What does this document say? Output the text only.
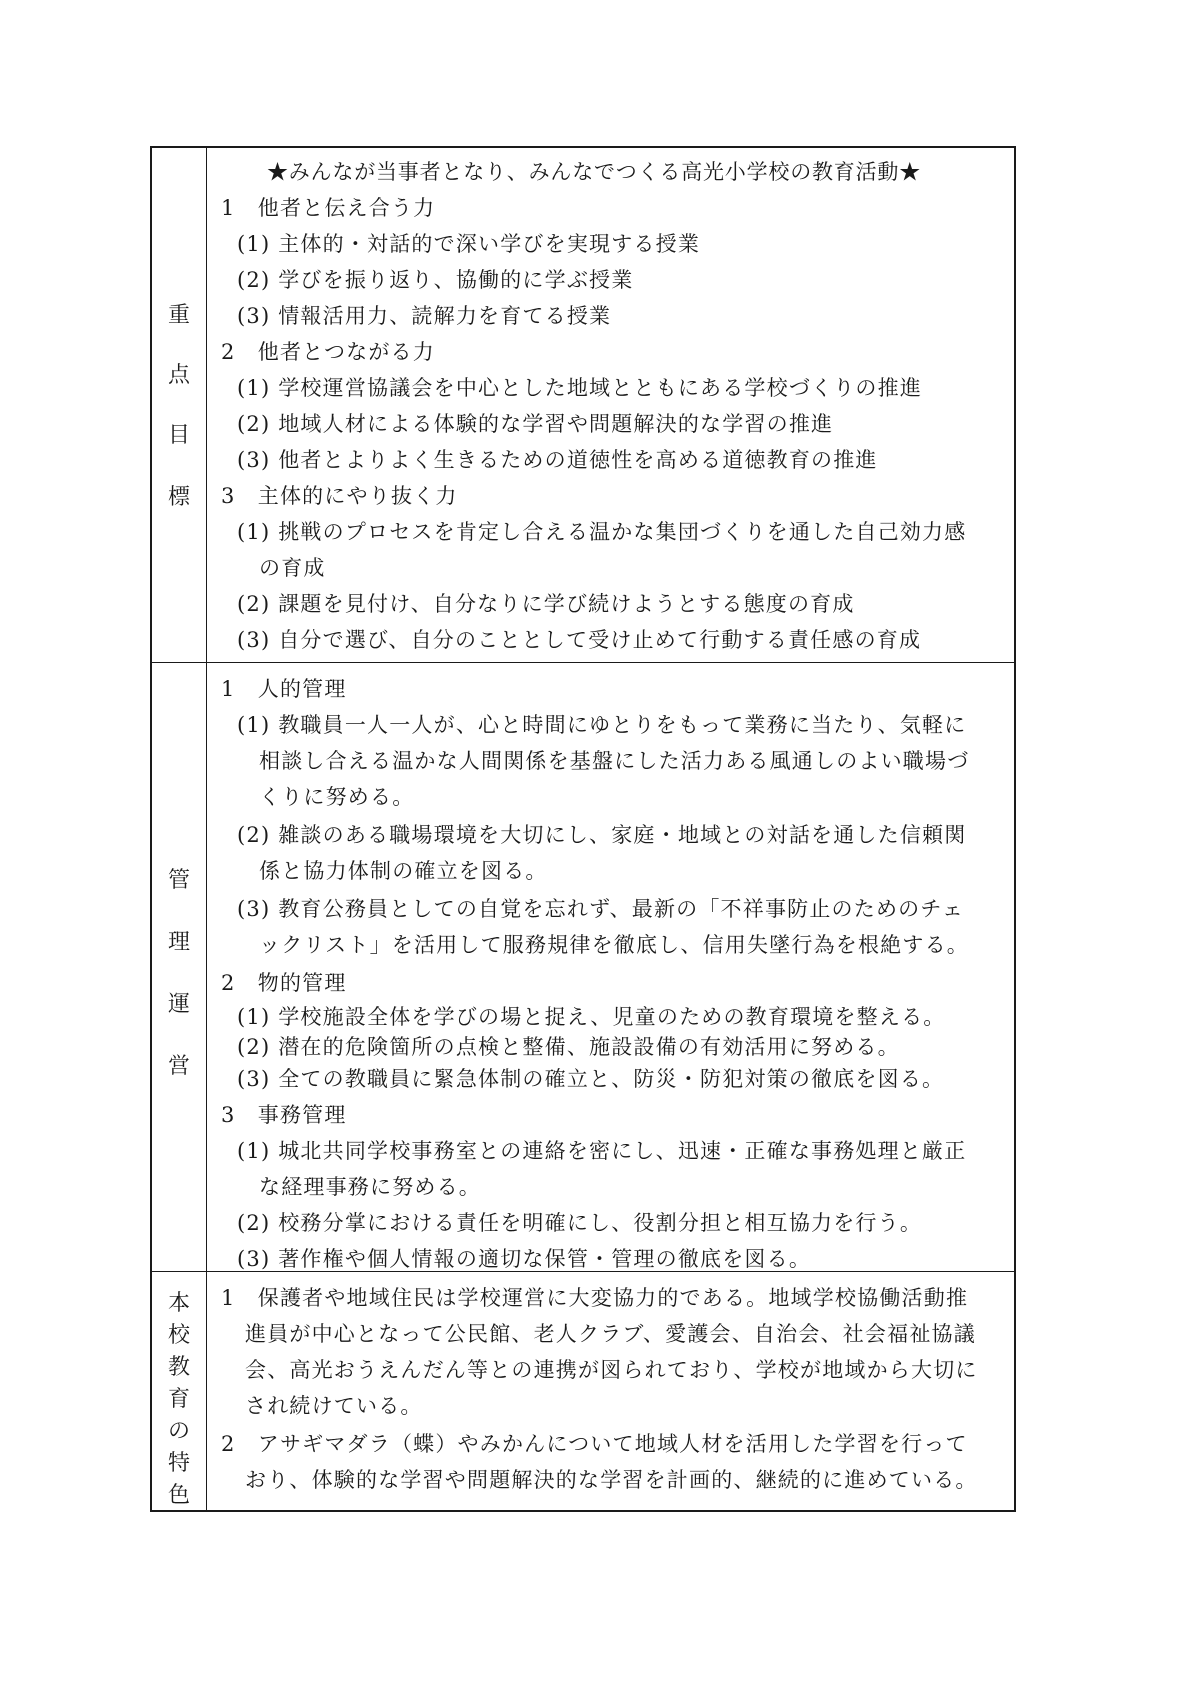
重
点
目
標
★みんなが当事者となり、みんなでつくる高光小学校の教育活動★
1　他者と伝え合う力
(1) 主体的・対話的で深い学びを実現する授業
(2) 学びを振り返り、協働的に学ぶ授業
(3) 情報活用力、読解力を育てる授業
2　他者とつながる力
(1) 学校運営協議会を中心とした地域とともにある学校づくりの推進
(2) 地域人材による体験的な学習や問題解決的な学習の推進
(3) 他者とよりよく生きるための道徳性を高める道徳教育の推進
3　主体的にやり抜く力
(1) 挑戦のプロセスを肯定し合える温かな集団づくりを通した自己効力感
の育成
(2) 課題を見付け、自分なりに学び続けようとする態度の育成
(3) 自分で選び、自分のこととして受け止めて行動する責任感の育成
管
理
運
営
1　人的管理
(1) 教職員一人一人が、心と時間にゆとりをもって業務に当たり、気軽に
相談し合える温かな人間関係を基盤にした活力ある風通しのよい職場づ
くりに努める。
(2) 雑談のある職場環境を大切にし、家庭・地域との対話を通した信頼関
係と協力体制の確立を図る。
(3) 教育公務員としての自覚を忘れず、最新の「不祥事防止のためのチェ
ックリスト」を活用して服務規律を徹底し、信用失墜行為を根絶する。
2　物的管理
(1) 学校施設全体を学びの場と捉え、児童のための教育環境を整える。
(2) 潜在的危険箇所の点検と整備、施設設備の有効活用に努める。
(3) 全ての教職員に緊急体制の確立と、防災・防犯対策の徹底を図る。
3　事務管理
(1) 城北共同学校事務室との連絡を密にし、迅速・正確な事務処理と厳正
な経理事務に努める。
(2) 校務分掌における責任を明確にし、役割分担と相互協力を行う。
(3) 著作権や個人情報の適切な保管・管理の徹底を図る。
本
校
教
育
の
特
色
1　保護者や地域住民は学校運営に大変協力的である。地域学校協働活動推
進員が中心となって公民館、老人クラブ、愛護会、自治会、社会福祉協議
会、高光おうえんだん等との連携が図られており、学校が地域から大切に
され続けている。
2　アサギマダラ（蝶）やみかんについて地域人材を活用した学習を行って
おり、体験的な学習や問題解決的な学習を計画的、継続的に進めている。
